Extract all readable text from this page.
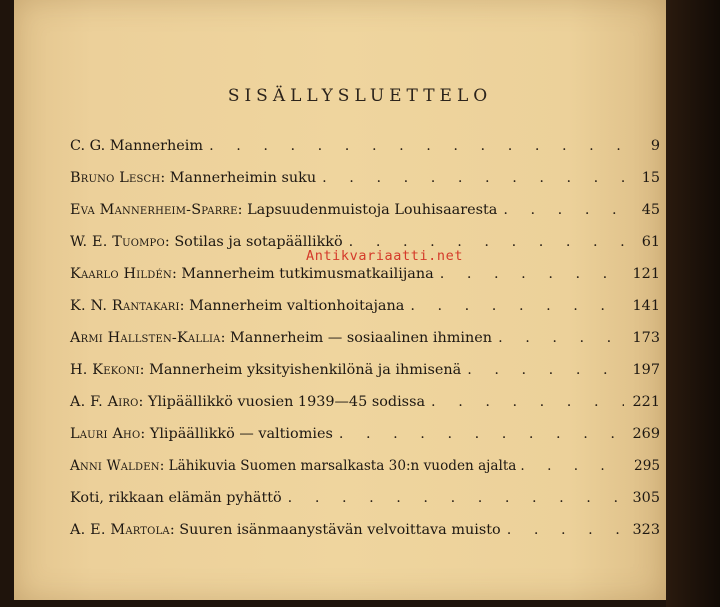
SISÄLLYSLUETTELO
C. G. Mannerheim . . .	9
Bruno Lesch : Mannerheimin suku . . .	15
Eva Mannerheim-Sparre : Lapsuudenmuistoja Louhisaaresta . . .	45
W. E. Tuompo : Sotilas ja sotapäällikkö . . .	61
Kaarlo Hildén : Mannerheim tutkimusmatkailijana . . .	121
K. N. Rantakari : Mannerheim valtionhoitajana . . .	141
Armi Hallsten-Kallia : Mannerheim — sosiaalinen ihminen . . .	173
H. Kekoni : Mannerheim yksityishenkilönä ja ihmisenä . . .	197
A. F. Airo : Ylipäällikkö vuosien 1939—45 sodissa . . .	221
Lauri Aho : Ylipäällikkö — valtiomies . . .	269
Anni Walden : Lähikuvia Suomen marsalkasta 30:n vuoden ajalta . . .	295
Koti, rikkaan elämän pyhättö . . .	305
A. E. Martola : Suuren isänmaanystävän velvoittava muisto . . .	323
Antikvariaatti.net
